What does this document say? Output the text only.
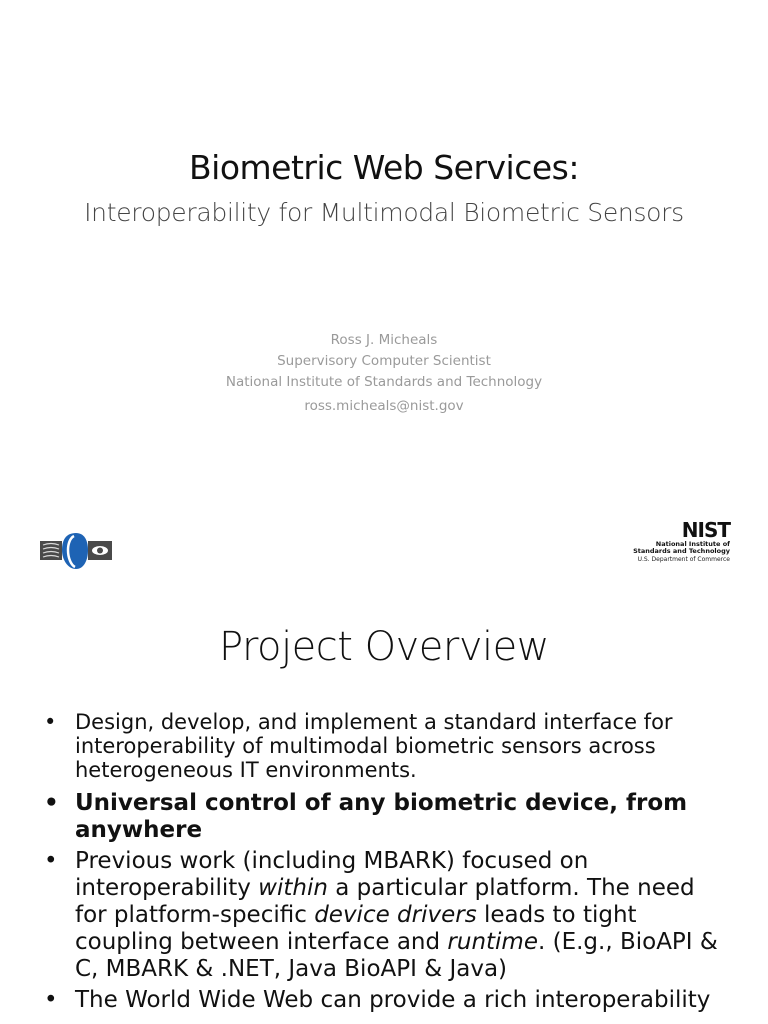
Biometric Web Services:
Interoperability for Multimodal Biometric Sensors
Ross J. Micheals
Supervisory Computer Scientist
National Institute of Standards and Technology
ross.micheals@nist.gov
NIST
National Institute of
Standards and Technology
U.S. Department of Commerce
Project Overview
• Design, develop, and implement a standard interface for interoperability of multimodal biometric sensors across heterogeneous IT environments.
• Universal control of any biometric device, from anywhere
• Previous work (including MBARK) focused on interoperability within a particular platform. The need for platform-specific device drivers leads to tight coupling between interface and runtime. (E.g., BioAPI & C, MBARK & .NET, Java BioAPI & Java)
• The World Wide Web can provide a rich interoperability
